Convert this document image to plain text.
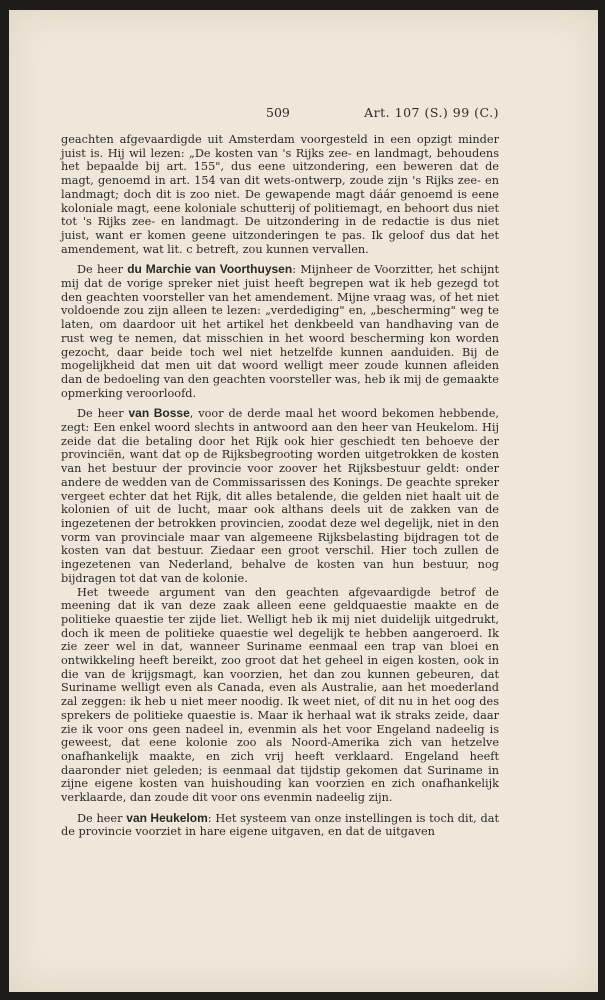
509	Art. 107 (S.) 99 (C.)

geachten afgevaardigde uit Amsterdam voorgesteld in een opzigt minder juist is. Hij wil lezen: „De kosten van 's Rijks zee- en landmagt, behoudens het bepaalde bij art. 155", dus eene uitzondering, een beweren dat de magt, genoemd in art. 154 van dit wets-ontwerp, zoude zijn 's Rijks zee- en landmagt; doch dit is zoo niet. De gewapende magt dáár genoemd is eene koloniale magt, eene koloniale schutterij of politiemagt, en behoort dus niet tot 's Rijks zee- en landmagt. De uitzondering in de redactie is dus niet juist, want er komen geene uitzonderingen te pas. Ik geloof dus dat het amendement, wat lit. c betreft, zou kunnen vervallen.

De heer du Marchie van Voorthuysen: Mijnheer de Voorzitter, het schijnt mij dat de vorige spreker niet juist heeft begrepen wat ik heb gezegd tot den geachten voorsteller van het amendement. Mijne vraag was, of het niet voldoende zou zijn alleen te lezen: „verdediging" en, „bescherming" weg te laten, om daardoor uit het artikel het denkbeeld van handhaving van de rust weg te nemen, dat misschien in het woord bescherming kon worden gezocht, daar beide toch wel niet hetzelfde kunnen aanduiden. Bij de mogelijkheid dat men uit dat woord welligt meer zoude kunnen afleiden dan de bedoeling van den geachten voorsteller was, heb ik mij de gemaakte opmerking veroorloofd.

De heer van Bosse, voor de derde maal het woord bekomen hebbende, zegt: Een enkel woord slechts in antwoord aan den heer van Heukelom. Hij zeide dat die betaling door het Rijk ook hier geschiedt ten behoeve der provinciën, want dat op de Rijksbegrooting worden uitgetrokken de kosten van het bestuur der provincie voor zoover het Rijksbestuur geldt: onder andere de wedden van de Commissarissen des Konings. De geachte spreker vergeet echter dat het Rijk, dit alles betalende, die gelden niet haalt uit de kolonien of uit de lucht, maar ook althans deels uit de zakken van de ingezetenen der betrokken provincien, zoodat deze wel degelijk, niet in den vorm van provinciale maar van algemeene Rijksbelasting bijdragen tot de kosten van dat bestuur. Ziedaar een groot verschil. Hier toch zullen de ingezetenen van Nederland, behalve de kosten van hun bestuur, nog bijdragen tot dat van de kolonie.

Het tweede argument van den geachten afgevaardigde betrof de meening dat ik van deze zaak alleen eene geldquaestie maakte en de politieke quaestie ter zijde liet. Welligt heb ik mij niet duidelijk uitgedrukt, doch ik meen de politieke quaestie wel degelijk te hebben aangeroerd. Ik zie zeer wel in dat, wanneer Suriname eenmaal een trap van bloei en ontwikkeling heeft bereikt, zoo groot dat het geheel in eigen kosten, ook in die van de krijgsmagt, kan voorzien, het dan zou kunnen gebeuren, dat Suriname welligt even als Canada, even als Australie, aan het moederland zal zeggen: ik heb u niet meer noodig. Ik weet niet, of dit nu in het oog des sprekers de politieke quaestie is. Maar ik herhaal wat ik straks zeide, daar zie ik voor ons geen nadeel in, evenmin als het voor Engeland nadeelig is geweest, dat eene kolonie zoo als Noord-Amerika zich van hetzelve onafhankelijk maakte, en zich vrij heeft verklaard. Engeland heeft daaronder niet geleden; is eenmaal dat tijdstip gekomen dat Suriname in zijne eigene kosten van huishouding kan voorzien en zich onafhankelijk verklaarde, dan zoude dit voor ons evenmin nadeelig zijn.

De heer van Heukelom: Het systeem van onze instellingen is toch dit, dat de provincie voorziet in hare eigene uitgaven, en dat de uitgaven
